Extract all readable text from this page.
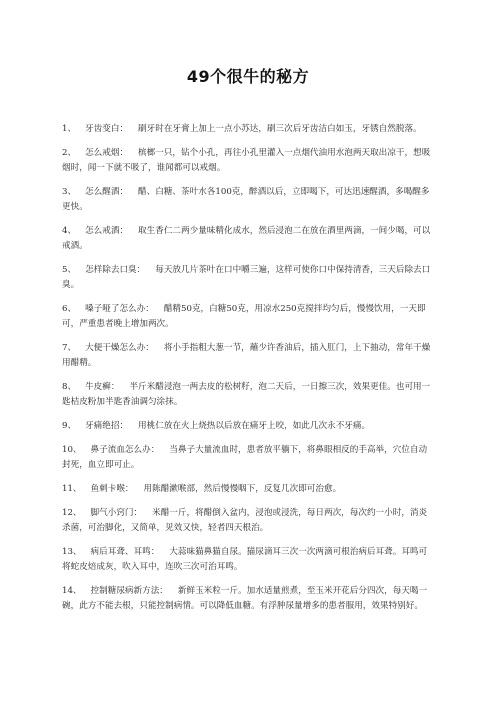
49个很牛的秘方

1、 牙齿变白： 刷牙时在牙膏上加上一点小苏达，刷三次后牙齿洁白如玉，牙锈自然脱落。

2、 怎么戒烟： 槟榔一只，钻个小孔，再往小孔里灌入一点烟代油用水泡两天取出凉干，想吸烟时，闻一下就不吸了，谁闻都可以戒烟。

3、 怎么醒酒： 醋、白糖、茶叶水各100克，醉酒以后，立即喝下，可达迅速醒酒，多喝醒多更快。

4、 怎么戒酒： 取生香仁二两少量味精化成水，然后浸泡二在放在酒里两滴，一间少喝，可以戒酒。

5、 怎样除去口臭： 每天放几片茶叶在口中嚼三遍，这样可使你口中保持清香，三天后除去口臭。

6、 嗓子哑了怎么办： 醋精50克，白糖50克，用凉水250克搅拌均匀后，慢慢饮用，一天即可，严重患者晚上增加两次。

7、 大便干燥怎么办： 将小手指粗大葱一节，蘸少许香油后，插入肛门，上下抽动，常年干燥用醋精。

8、 牛皮癣： 半斤米醋浸泡一两去皮的松树籽，泡二天后，一日擦三次，效果更佳。也可用一匙桔皮粉加半匙香油调匀涂抹。

9、 牙痛绝招： 用桃仁放在火上烧热以后放在痛牙上咬，如此几次永不牙痛。

10、 鼻子流血怎么办： 当鼻子大量流血时，患者放平躺下，将鼻眼相反的手高举，穴位自动封死，血立即可止。

11、 鱼刺卡喉： 用陈醋漱喉部，然后慢慢咽下，反复几次即可治愈。

12、 脚气小窍门： 米醋一斤，将醋倒入盆内，浸泡或浸洗，每日两次，每次约一小时，消炎杀菌，可治脚化，又简单，见效又快，轻者四天根治。

13、 病后耳聋、耳鸣： 大蒜味猫鼻猫自尿。猫尿滴耳三次一次两滴可根治病后耳聋。耳鸣可将蛇皮焙成灰，吹入耳中，连吹三次可治耳鸣。

14、 控制糖尿病新方法： 新鲜玉米粒一斤。加水适量煎煮，至玉米开花后分四次，每天喝一碗，此方不能去根，只能控制病情。可以降低血糖。有浮肿尿量增多的患者服用，效果特别好。
